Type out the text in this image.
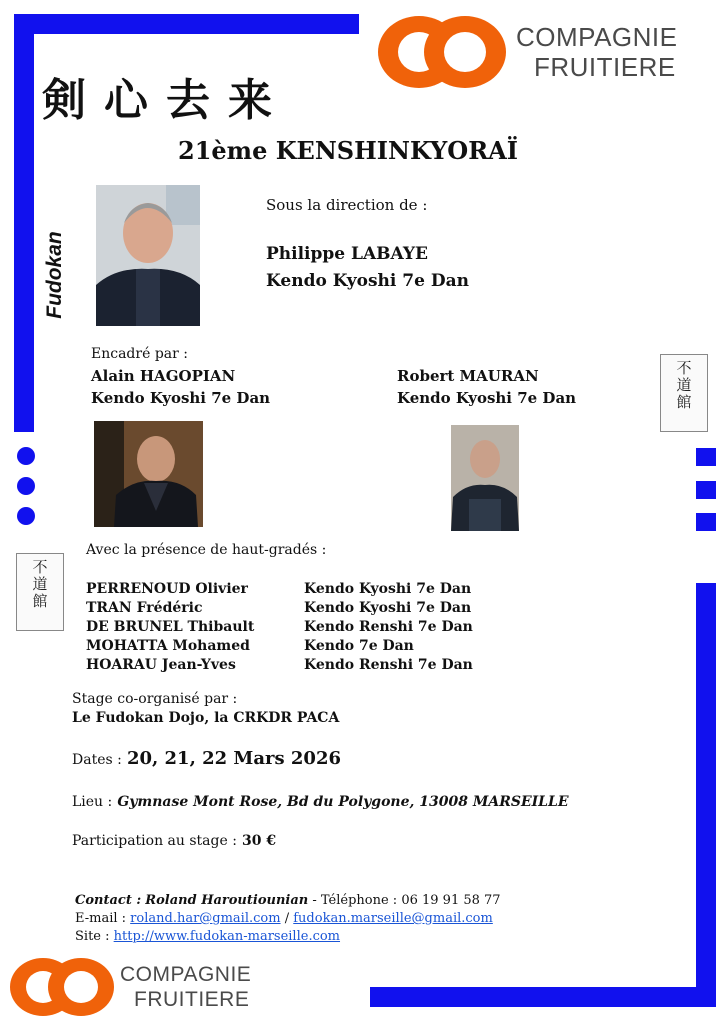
COMPAGNIE
FRUITIERE
剣心去来
Fudokan
21ème KENSHINKYORAÏ
Sous la direction de :
Philippe LABAYE
Kendo Kyoshi 7e Dan
Encadré par :
Alain HAGOPIAN
Kendo Kyoshi 7e Dan
Robert MAURAN
Kendo Kyoshi 7e Dan
不道館
不道館
Avec la présence de haut-gradés :
PERRENOUD Olivier	Kendo Kyoshi 7e Dan
TRAN Frédéric	Kendo Kyoshi 7e Dan
DE BRUNEL Thibault	Kendo Renshi 7e Dan
MOHATTA Mohamed	Kendo 7e Dan
HOARAU Jean-Yves	Kendo Renshi 7e Dan
Stage co-organisé par :
Le Fudokan Dojo, la CRKDR PACA
Dates : 20, 21, 22 Mars 2026
Lieu : Gymnase Mont Rose, Bd du Polygone, 13008 MARSEILLE
Participation au stage : 30 €
Contact : Roland Haroutiounian - Téléphone : 06 19 91 58 77
E-mail : roland.har@gmail.com / fudokan.marseille@gmail.com
Site : http://www.fudokan-marseille.com
COMPAGNIE
FRUITIERE
